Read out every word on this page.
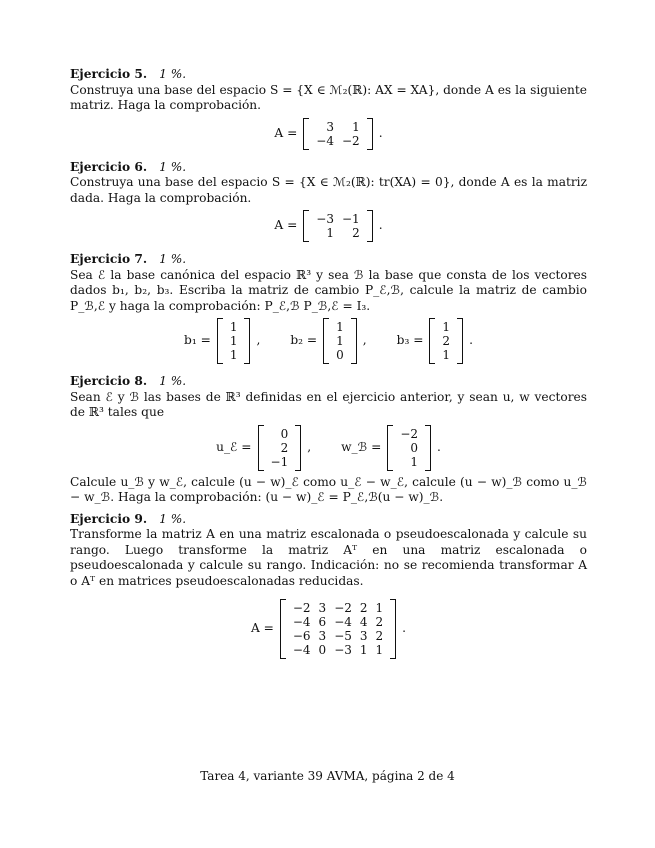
Ejercicio 5. 1 %.

Construya una base del espacio S = {X ∈ ℳ₂(ℝ): AX = XA}, donde A es la siguiente matriz. Haga la comprobación.

A = 3	1
−4	−2
.

Ejercicio 6. 1 %.

Construya una base del espacio S = {X ∈ ℳ₂(ℝ): tr(XA) = 0}, donde A es la matriz dada. Haga la comprobación.

A = −3	−1
1	2
.

Ejercicio 7. 1 %.

Sea ℰ la base canónica del espacio ℝ³ y sea ℬ la base que consta de los vectores dados b₁, b₂, b₃. Escriba la matriz de cambio P_ℰ,ℬ, calcule la matriz de cambio P_ℬ,ℰ y haga la comprobación: P_ℰ,ℬ P_ℬ,ℰ = I₃.

b₁ =
1
1
1
, b₂ =
1
1
0
, b₃ =
1
2
1
.

Ejercicio 8. 1 %.

Sean ℰ y ℬ las bases de ℝ³ definidas en el ejercicio anterior, y sean u, w vectores de ℝ³ tales que

u_ℰ =
0
2
−1
, w_ℬ =
−2
0
1
.

Calcule u_ℬ y w_ℰ, calcule (u − w)_ℰ como u_ℰ − w_ℰ, calcule (u − w)_ℬ como u_ℬ − w_ℬ. Haga la comprobación: (u − w)_ℰ = P_ℰ,ℬ(u − w)_ℬ.

Ejercicio 9. 1 %.

Transforme la matriz A en una matriz escalonada o pseudoescalonada y calcule su rango. Luego transforme la matriz Aᵀ en una matriz escalonada o pseudoescalonada y calcule su rango. Indicación: no se recomienda transformar A o Aᵀ en matrices pseudoescalonadas reducidas.

A =
−2	3	−2	2	1
−4	6	−4	4	2
−6	3	−5	3	2
−4	0	−3	1	1
.
Tarea 4, variante 39 AVMA, página 2 de 4
